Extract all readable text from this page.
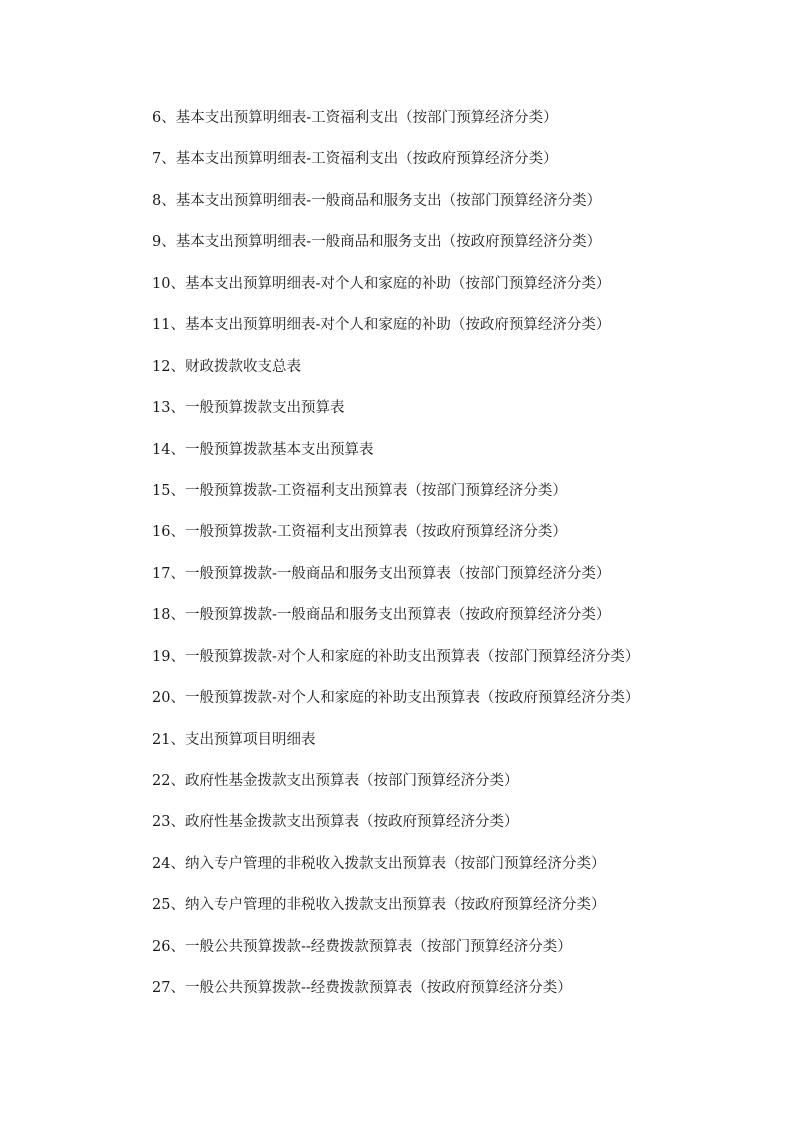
6、基本支出预算明细表-工资福利支出（按部门预算经济分类）
7、基本支出预算明细表-工资福利支出（按政府预算经济分类）
8、基本支出预算明细表-一般商品和服务支出（按部门预算经济分类）
9、基本支出预算明细表-一般商品和服务支出（按政府预算经济分类）
10、基本支出预算明细表-对个人和家庭的补助（按部门预算经济分类）
11、基本支出预算明细表-对个人和家庭的补助（按政府预算经济分类）
12、财政拨款收支总表
13、一般预算拨款支出预算表
14、一般预算拨款基本支出预算表
15、一般预算拨款-工资福利支出预算表（按部门预算经济分类）
16、一般预算拨款-工资福利支出预算表（按政府预算经济分类）
17、一般预算拨款-一般商品和服务支出预算表（按部门预算经济分类）
18、一般预算拨款-一般商品和服务支出预算表（按政府预算经济分类）
19、一般预算拨款-对个人和家庭的补助支出预算表（按部门预算经济分类）
20、一般预算拨款-对个人和家庭的补助支出预算表（按政府预算经济分类）
21、支出预算项目明细表
22、政府性基金拨款支出预算表（按部门预算经济分类）
23、政府性基金拨款支出预算表（按政府预算经济分类）
24、纳入专户管理的非税收入拨款支出预算表（按部门预算经济分类）
25、纳入专户管理的非税收入拨款支出预算表（按政府预算经济分类）
26、一般公共预算拨款--经费拨款预算表（按部门预算经济分类）
27、一般公共预算拨款--经费拨款预算表（按政府预算经济分类）
